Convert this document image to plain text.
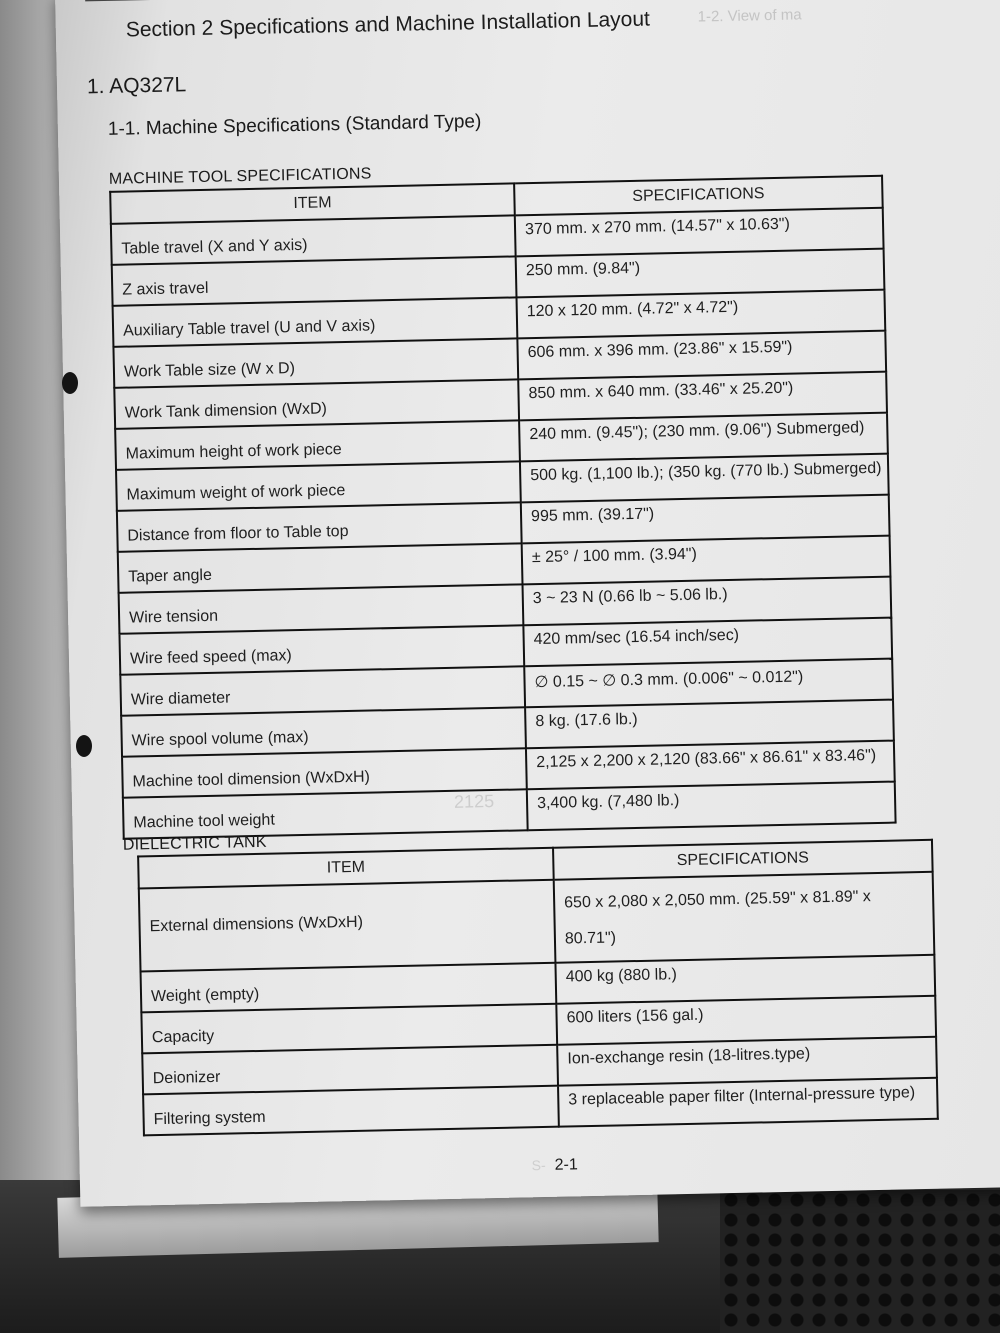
Section 2 Specifications and Machine Installation Layout	1-2. View of ma
1. AQ327L
1-1. Machine Specifications (Standard Type)
MACHINE TOOL SPECIFICATIONS
ITEM	SPECIFICATIONS
Table travel (X and Y axis)	370 mm. x 270 mm. (14.57" x 10.63")
Z axis travel	250 mm. (9.84")
Auxiliary Table travel (U and V axis)	120 x 120 mm. (4.72" x 4.72")
Work Table size (W x D)	606 mm. x 396 mm. (23.86" x 15.59")
Work Tank dimension (WxD)	850 mm. x 640 mm. (33.46" x 25.20")
Maximum height of work piece	240 mm. (9.45"); (230 mm. (9.06") Submerged)
Maximum weight of work piece	500 kg. (1,100 lb.); (350 kg. (770 lb.) Submerged)
Distance from floor to Table top	995 mm. (39.17")
Taper angle	± 25° / 100 mm. (3.94")
Wire tension	3 ~ 23 N (0.66 lb ~ 5.06 lb.)
Wire feed speed (max)	420 mm/sec (16.54 inch/sec)
Wire diameter	∅ 0.15 ~ ∅ 0.3 mm. (0.006" ~ 0.012")
Wire spool volume (max)	8 kg. (17.6 lb.)
Machine tool dimension (WxDxH)	2,125 x 2,200 x 2,120 (83.66" x 86.61" x 83.46")
Machine tool weight	3,400 kg. (7,480 lb.)
2125
DIELECTRIC TANK
ITEM	SPECIFICATIONS
External dimensions (WxDxH)	650 x 2,080 x 2,050 mm. (25.59" x 81.89" x 80.71")
Weight (empty)	400 kg (880 lb.)
Capacity	600 liters (156 gal.)
Deionizer	Ion-exchange resin (18-litres.type)
Filtering system	3 replaceable paper filter (Internal-pressure type)
S- 2-1
